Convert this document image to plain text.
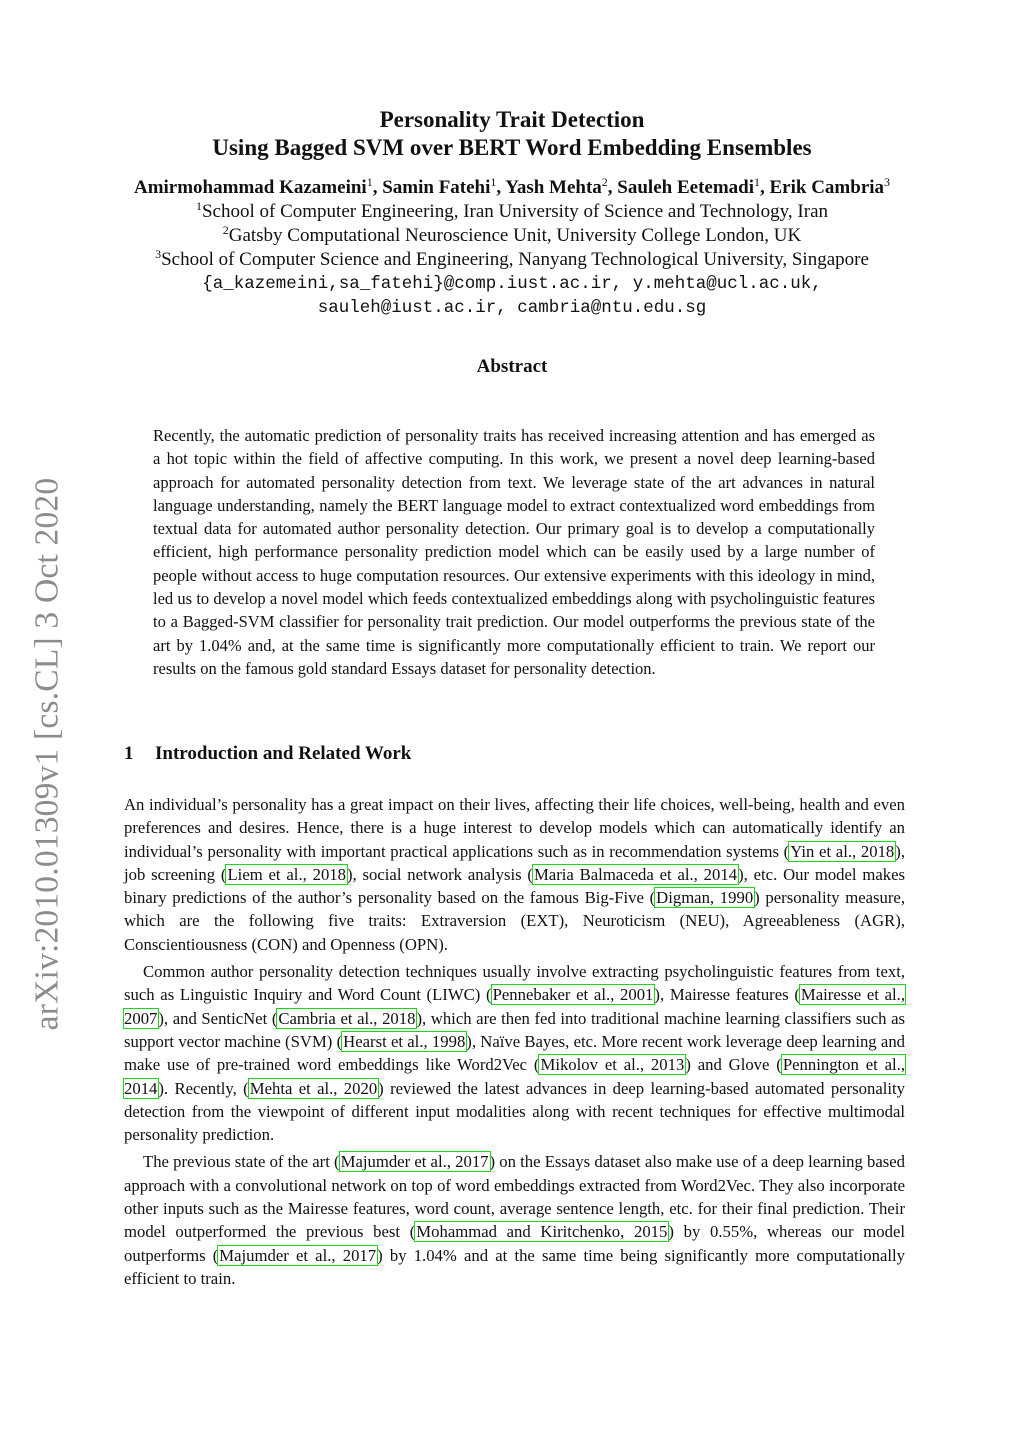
arXiv:2010.01309v1 [cs.CL] 3 Oct 2020
Personality Trait Detection
Using Bagged SVM over BERT Word Embedding Ensembles
Amirmohammad Kazameini$^1$, Samin Fatehi$^1$, Yash Mehta$^2$, Sauleh Eetemadi$^1$, Erik Cambria$^3$
$^1$School of Computer Engineering, Iran University of Science and Technology, Iran
$^2$Gatsby Computational Neuroscience Unit, University College London, UK
$^3$School of Computer Science and Engineering, Nanyang Technological University, Singapore
{a_kazemeini,sa_fatehi}@comp.iust.ac.ir, y.mehta@ucl.ac.uk,
sauleh@iust.ac.ir, cambria@ntu.edu.sg
Abstract

Recently, the automatic prediction of personality traits has received increasing attention and has emerged as a hot topic within the field of affective computing. In this work, we present a novel deep learning-based approach for automated personality detection from text. We leverage state of the art advances in natural language understanding, namely the BERT language model to extract contextualized word embeddings from textual data for automated author personality detection. Our primary goal is to develop a computationally efficient, high performance personality prediction model which can be easily used by a large number of people without access to huge computation resources. Our extensive experiments with this ideology in mind, led us to develop a novel model which feeds contextualized embeddings along with psycholinguistic features to a Bagged-SVM classifier for personality trait prediction. Our model outperforms the previous state of the art by 1.04% and, at the same time is significantly more computationally efficient to train. We report our results on the famous gold standard Essays dataset for personality detection.

1 Introduction and Related Work

An individual’s personality has a great impact on their lives, affecting their life choices, well-being, health and even preferences and desires. Hence, there is a huge interest to develop models which can automatically identify an individual’s personality with important practical applications such as in recommendation systems (Yin et al., 2018), job screening (Liem et al., 2018), social network analysis (Maria Balmaceda et al., 2014), etc. Our model makes binary predictions of the author’s personality based on the famous Big-Five (Digman, 1990) personality measure, which are the following five traits: Extraversion (EXT), Neuroticism (NEU), Agreeableness (AGR), Conscientiousness (CON) and Openness (OPN).

Common author personality detection techniques usually involve extracting psycholinguistic features from text, such as Linguistic Inquiry and Word Count (LIWC) (Pennebaker et al., 2001), Mairesse features (Mairesse et al., 2007), and SenticNet (Cambria et al., 2018), which are then fed into traditional machine learning classifiers such as support vector machine (SVM) (Hearst et al., 1998), Naïve Bayes, etc. More recent work leverage deep learning and make use of pre-trained word embeddings like Word2Vec (Mikolov et al., 2013) and Glove (Pennington et al., 2014). Recently, (Mehta et al., 2020) reviewed the latest advances in deep learning-based automated personality detection from the viewpoint of different input modalities along with recent techniques for effective multimodal personality prediction.

The previous state of the art (Majumder et al., 2017) on the Essays dataset also make use of a deep learning based approach with a convolutional network on top of word embeddings extracted from Word2Vec. They also incorporate other inputs such as the Mairesse features, word count, average sentence length, etc. for their final prediction. Their model outperformed the previous best (Mohammad and Kiritchenko, 2015) by 0.55%, whereas our model outperforms (Majumder et al., 2017) by 1.04% and at the same time being significantly more computationally efficient to train.
